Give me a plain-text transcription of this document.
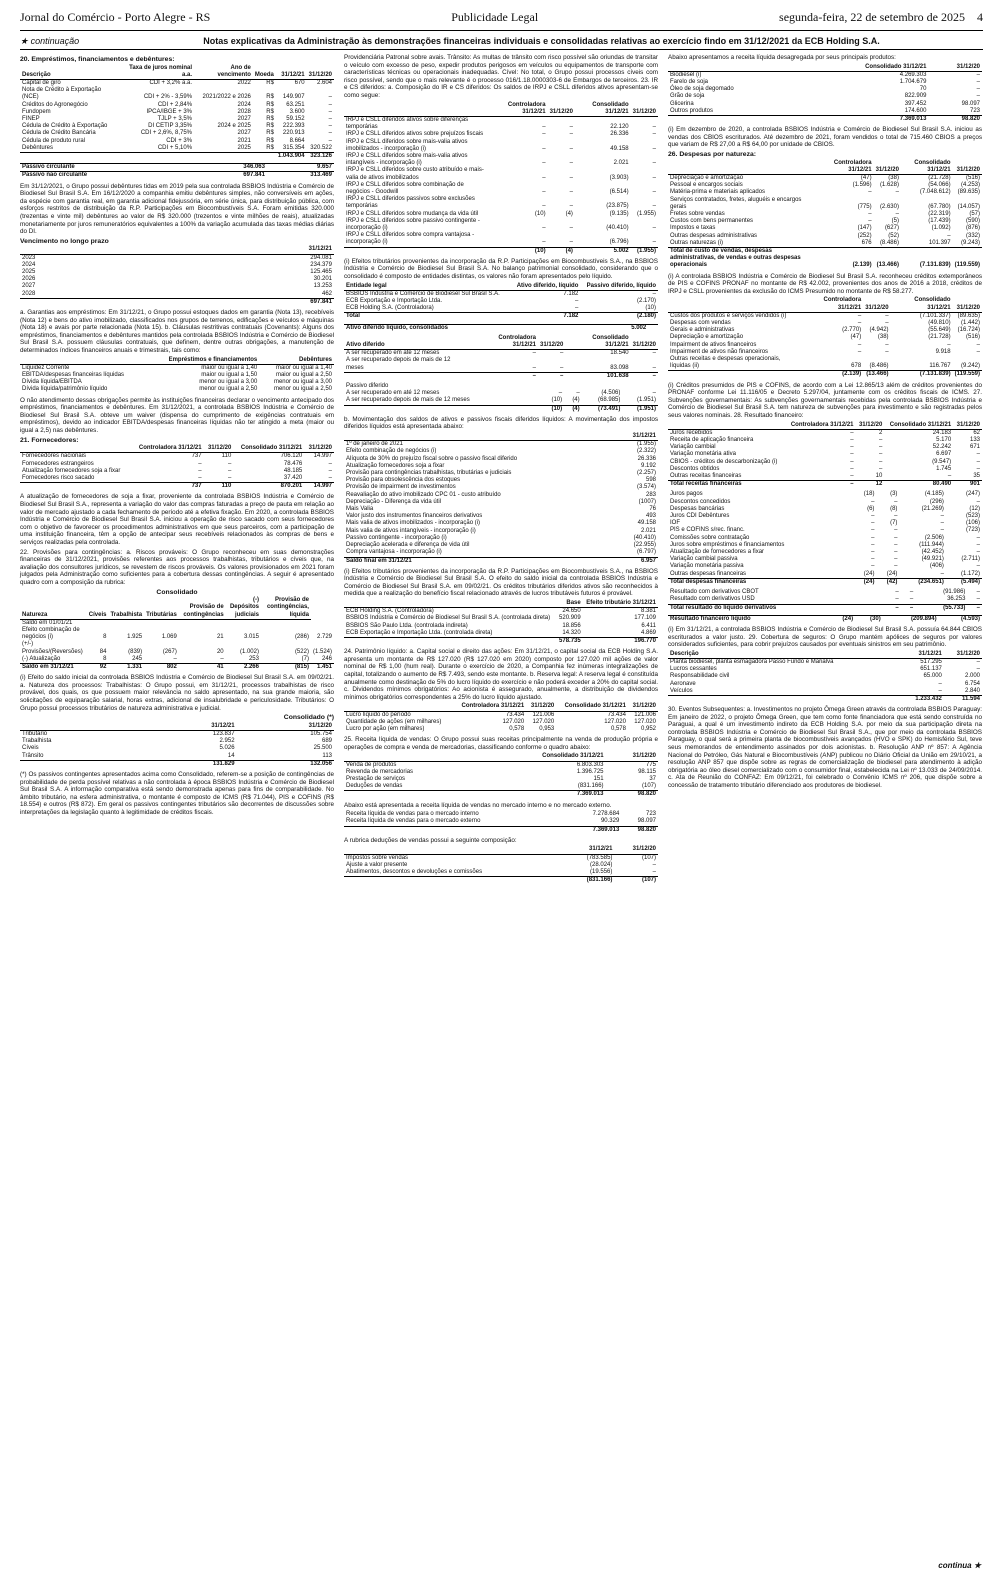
Jornal do Comércio - Porto Alegre - RS	Publicidade Legal	segunda-feira, 22 de setembro de 2025 4
★ continuação	Notas explicativas da Administração às demonstrações financeiras individuais e consolidadas relativas ao exercício findo em 31/12/2021 da ECB Holding S.A.
20. Empréstimos, financiamentos e debêntures:
Descrição	Taxa de juros nominal a.a.	Ano de vencimento	Moeda	31/12/21	31/12/20
Capital de giro	CDI + 3,2% a.a.	2022	R$	670	2.604
Nota de Crédito à Exportação (NCE)	CDI + 2% - 3,59%	2021/2022 e 2026	R$	149.907	–
Créditos do Agronegócio	CDI + 2,84%	2024	R$	63.251	–
Fundopem	IPCA/IBGE + 3%	2028	R$	3.600	–
FINEP	TJLP + 3,5%	2027	R$	59.152	–
Cédula de Crédito à Exportação	DI CETIP 3,35%	2024 e 2025	R$	222.393	–
Cédula de Crédito Bancária	CDI + 2,6%, 8,75%	2027	R$	220.913	–
Cédula de produto rural	CDI + 3%	2021	R$	8.664	–
Debêntures	CDI + 5,10%	2025	R$	315.354	320.522
				1.043.904	323.126
Passivo circulante	346.063	9.657
Passivo não circulante	697.841	313.469

Em 31/12/2021, o Grupo possui debêntures tidas em 2019 pela sua controlada BSBIOS Indústria e Comércio de Biodiesel Sul Brasil S.A. Em 16/12/2020 a companhia emitiu debêntures simples, não conversíveis em ações, da espécie com garantia real, em garantia adicional fidejussória, em série única, para distribuição pública, com esforços restritos de distribuição da R.P. Participações em Biocombustíveis S.A. Foram emitidas 320.000 (trezentas e vinte mil) debêntures ao valor de R$ 320.000 (trezentos e vinte milhões de reais), atualizadas monetariamente por juros remuneratórios equivalentes a 100% da variação acumulada das taxas médias diárias do DI.

Vencimento no longo prazo
	31/12/21
2023	294.081
2024	234.379
2025	125.465
2026	30.201
2027	13.253
2028	462
	697.841

a. Garantias aos empréstimos: Em 31/12/21, o Grupo possui estoques dados em garantia (Nota 13), recebíveis (Nota 12) e bens do ativo imobilizado, classificados nos grupos de terrenos, edificações e veículos e máquinas (Nota 18) e avais por parte relacionada (Nota 15). b. Cláusulas restritivas contratuais (Covenants): Alguns dos empréstimos, financiamentos e debêntures mantidos pela controlada BSBIOS Indústria e Comércio de Biodiesel Sul Brasil S.A. possuem cláusulas contratuais, que definem, dentre outras obrigações, a manutenção de determinados índices financeiros anuais e trimestrais, tais como:

	Empréstimos e financiamentos	Debêntures
Liquidez Corrente	maior ou igual a 1,40	maior ou igual a 1,40
EBITDA/despesas financeiras líquidas	maior ou igual a 1,50	maior ou igual a 2,50
Dívida líquida/EBITDA	menor ou igual a 3,00	menor ou igual a 3,00
Dívida líquida/patrimônio líquido	menor ou igual a 2,50	menor ou igual a 2,50

O não atendimento dessas obrigações permite às instituições financeiras declarar o vencimento antecipado dos empréstimos, financiamentos e debêntures. Em 31/12/2021, a controlada BSBIOS Indústria e Comércio de Biodiesel Sul Brasil S.A. obteve um waiver (dispensa do cumprimento de exigências contratuais em empréstimos), devido ao indicador EBITDA/despesas financeiras líquidas não ter atingido a meta (maior ou igual a 2,5) nas debêntures.

21. Fornecedores:
	Controladora 31/12/21	31/12/20	Consolidado 31/12/21	31/12/20
Fornecedores nacionais	737	110	706.120	14.997
Fornecedores estrangeiros	–	–	78.476	–
Atualização fornecedores soja a fixar	–	–	48.185	–
Fornecedores risco sacado	–	–	37.420	–
	737	110	870.201	14.997

A atualização de fornecedores de soja a fixar, proveniente da controlada BSBIOS Indústria e Comércio de Biodiesel Sul Brasil S.A., representa a variação do valor das compras faturadas a preço de pauta em relação ao valor de mercado ajustado a cada fechamento de período até a efetiva fixação. Em 2020, a controlada BSBIOS Indústria e Comércio de Biodiesel Sul Brasil S.A. iniciou a operação de risco sacado com seus fornecedores com o objetivo de favorecer os procedimentos administrativos em que seus parceiros, com a participação de uma instituição financeira, têm a opção de antecipar seus recebíveis relacionados às compras de bens e serviços realizadas pela controlada.

22. Provisões para contingências: a. Riscos prováveis: O Grupo reconheceu em suas demonstrações financeiras de 31/12/2021, provisões referentes aos processos trabalhistas, tributários e cíveis que, na avaliação dos consultores jurídicos, se revestem de riscos prováveis. Os valores provisionados em 2021 foram julgados pela Administração como suficientes para a cobertura dessas contingências. A seguir é apresentado quadro com a composição da rubrica:

Consolidado
Natureza	Cíveis	Trabalhista	Tributárias	Provisão de contingências	(-) Depósitos judiciais	Provisão de contingências, líquida	
Saldo em 01/01/21							
Efeito combinação de negócios (i)	8	1.925	1.069	21	3.015	(286)	2.729
(+/-) Provisões/(Reversões)	84	(839)	(267)	20	(1.002)	(522)	(1.524)
(-) Atualização	8	245	–	–	253	(7)	246
Saldo em 31/12/21	92	1.331	802	41	2.266	(815)	1.451

(i) Efeito do saldo inicial da controlada BSBIOS Indústria e Comércio de Biodiesel Sul Brasil S.A. em 09/02/21. a. Natureza dos processos: Trabalhistas: O Grupo possui, em 31/12/21, processos trabalhistas de risco provável, dos quais, os que possuem maior relevância no saldo apresentado, na sua grande maioria, são solicitações de equiparação salarial, horas extras, adicional de insalubridade e periculosidade. Tributários: O Grupo possui processos tributários de natureza administrativa e judicial.

Consolidado (*)
	31/12/21	31/12/20
Tributário	123.837	105.754
Trabalhista	2.952	689
Cíveis	5.026	25.500
Trânsito	14	113
	131.829	132.056

(*) Os passivos contingentes apresentados acima como Consolidado, referem-se a posição de contingências de probabilidade de perda possível relativas a não controlada à época BSBIOS Indústria e Comércio de Biodiesel Sul Brasil S.A. A informação comparativa está sendo demonstrada apenas para fins de comparabilidade. No âmbito tributário, na esfera administrativa, o montante é composto de ICMS (R$ 71.044), PIS e COFINS (R$ 18.554) e outros (R$ 872). Em geral os passivos contingentes tributários são decorrentes de discussões sobre interpretações da legislação quanto à legitimidade de créditos fiscais.

Providenciária Patronal sobre avais. Trânsito: As multas de trânsito com risco possível são oriundas de transitar o veículo com excesso de peso, expedir produtos perigosos em veículos ou equipamentos de transporte com características técnicas ou operacionais inadequadas. Cível: No total, o Grupo possui processos cíveis com risco possível, sendo que o mais relevante é o processo 016/1.18.0000303-6 de Embargos de terceiros. 23. IR e CS diferidos: a. Composição do IR e CS diferidos: Os saldos de IRPJ e CSLL diferidos ativos apresentam-se como segue:

	Controladora 31/12/21	31/12/20	Consolidado 31/12/21	31/12/20
IRPJ e CSLL diferidos ativos sobre diferenças temporárias	–	–	22.120	–
IRPJ e CSLL diferidos ativos sobre prejuízos fiscais	–	–	26.336	–
IRPJ e CSLL diferidos sobre mais-valia ativos imobilizados - incorporação (i)	–	–	49.158	–
IRPJ e CSLL diferidos sobre mais-valia ativos intangíveis - incorporação (i)	–	–	2.021	–
IRPJ e CSLL diferidos sobre custo atribuído e mais-valia de ativos imobilizados	–	–	(3.903)	–
IRPJ e CSLL diferidos sobre combinação de negócios - Goodwill	–	–	(6.514)	–
IRPJ e CSLL diferidos passivos sobre exclusões temporárias	–	–	(23.875)	–
IRPJ e CSLL diferidos sobre mudança da vida útil	(10)	(4)	(9.135)	(1.955)
IRPJ e CSLL diferidos sobre passivo contingente - incorporação (i)	–	–	(40.410)	–
IRPJ e CSLL diferidos sobre compra vantajosa - incorporação (i)	–	–	(6.796)	–
	(10)	(4)	5.002	(1.955)

(i) Efeitos tributários provenientes da incorporação da R.P. Participações em Biocombustíveis S.A., na BSBIOS Indústria e Comércio de Biodiesel Sul Brasil S.A. No balanço patrimonial consolidado, considerando que o consolidado é composto de entidades distintas, os valores não foram apresentados pelo líquido.

Entidade legal	Ativo diferido, líquido	Passivo diferido, líquido
BSBIOS Indústria e Comércio de Biodiesel Sul Brasil S.A.	7.182	–
ECB Exportação e Importação Ltda.	–	(2.170)
ECB Holding S.A. (Controladora)	–	(10)
Total	7.182	(2.180)
Ativo diferido líquido, consolidados	5.002	
Ativo diferido	Controladora 31/12/21	31/12/20	Consolidado 31/12/21	31/12/20
A ser recuperado em até 12 meses	–	–	18.540	–
A ser recuperado depois de mais de 12 meses	–	–	83.098	–
	–	–	101.638	–
Passivo diferido				
A ser recuperado em até 12 meses	–	–	(4.506)	–
A ser recuperado depois de mais de 12 meses	(10)	(4)	(68.985)	(1.951)
	(10)	(4)	(73.491)	(1.951)

b. Movimentação dos saldos de ativos e passivos fiscais diferidos líquidos: A movimentação dos impostos diferidos líquidos está apresentada abaixo:

	31/12/21
1º de janeiro de 2021	(1.955)
Efeito combinação de negócios (i)	(2.322)
Alíquota de 30% do prejuízo fiscal sobre o passivo fiscal diferido	26.336
Atualização fornecedores soja a fixar	9.192
Provisão para contingências trabalhistas, tributárias e judiciais	(2.257)
Provisão para obsolescência dos estoques	598
Provisão de impairment de investimentos	(3.574)
Reavaliação do ativo imobilizado CPC 01 - custo atribuído	283
Depreciação - Diferença da vida útil	(1007)
Mais Valia	76
Valor justo dos instrumentos financeiros derivativos	493
Mais valia de ativos imobilizados - incorporação (i)	49.158
Mais valia de ativos intangíveis - incorporação (i)	2.021
Passivo contingente - incorporação (i)	(40.410)
Depreciação acelerada e diferença de vida útil	(22.955)
Compra vantajosa - incorporação (i)	(6.797)
Saldo final em 31/12/21	6.957

(i) Efeitos tributários provenientes da incorporação da R.P. Participações em Biocombustíveis S.A., na BSBIOS Indústria e Comércio de Biodiesel Sul Brasil S.A. O efeito do saldo inicial da controlada BSBIOS Indústria e Comércio de Biodiesel Sul Brasil S.A. em 09/02/21. Os créditos tributários diferidos ativos são reconhecidos à medida que a realização do benefício fiscal relacionado através de lucros tributáveis futuros é provável.

	Base	Efeito tributário 31/12/21
ECB Holding S.A. (Controladora)	24.650	8.381
BSBIOS Indústria e Comércio de Biodiesel Sul Brasil S.A. (controlada direta)	520.909	177.109
BSBIOS São Paulo Ltda. (controlada indireta)	18.856	6.411
ECB Exportação e Importação Ltda. (controlada direta)	14.320	4.869
	578.735	196.770

24. Patrimônio líquido: a. Capital social e direito das ações: Em 31/12/21, o capital social da ECB Holding S.A. apresenta um montante de R$ 127.020 (R$ 127.020 em 2020) composto por 127.020 mil ações de valor nominal de R$ 1,00 (hum real). Durante o exercício de 2020, a Companhia fez inúmeras integralizações de capital, totalizando o aumento de R$ 7.493, sendo este montante. b. Reserva legal: A reserva legal é constituída anualmente como destinação de 5% do lucro líquido do exercício e não poderá exceder a 20% do capital social. c. Dividendos mínimos obrigatórios: Ao acionista é assegurado, anualmente, a distribuição de dividendos mínimos obrigatórios correspondentes a 25% do lucro líquido ajustado.

	Controladora 31/12/21	31/12/20	Consolidado 31/12/21	31/12/20
Lucro líquido do período	73.434	121.006	73.434	121.006
Quantidade de ações (em milhares)	127.020	127.020	127.020	127.020
Lucro por ação (em milhares)	0,578	0,953	0,578	0,952

25. Receita líquida de vendas: O Grupo possui suas receitas principalmente na venda de produção própria e operações de compra e venda de mercadorias, classificando conforme o quadro abaixo:

	Consolidado 31/12/21	31/12/20
Venda de produtos	6.803.303	775
Revenda de mercadorias	1.396.725	98.115
Prestação de serviços	151	37
Deduções de vendas	(831.166)	(107)
	7.369.013	98.820

Abaixo está apresentada a receita líquida de vendas no mercado interno e no mercado externo.

Receita líquida de vendas para o mercado interno	7.278.684	723
Receita líquida de vendas para o mercado externo	90.329	98.097
	7.369.013	98.820

A rubrica deduções de vendas possui a seguinte composição:

	31/12/21	31/12/20
Impostos sobre vendas	(783.585)	(107)
Ajuste a valor presente	(28.024)	–
Abatimentos, descontos e devoluções e comissões	(19.556)	–
	(831.166)	(107)

Abaixo apresentamos a receita líquida desagregada por seus principais produtos:

	Consolidado 31/12/21	31/12/20
Biodiesel (i)	4.269.303	–
Farelo de soja	1.704.679	–
Óleo de soja degomado	70	–
Grão de soja	822.909	–
Glicerina	397.452	98.097
Outros produtos	174.600	723
	7.369.013	98.820

(i) Em dezembro de 2020, a controlada BSBIOS Indústria e Comércio de Biodiesel Sul Brasil S.A. iniciou as vendas dos CBIOS escriturados. Até dezembro de 2021, foram vendidos o total de 715.460 CBIOS a preços que variam de R$ 27,00 a R$ 64,00 por unidade de CBIOS.

26. Despesas por natureza:
	Controladora 31/12/21	31/12/20	Consolidado 31/12/21	31/12/20
Depreciação e amortização	(47)	(38)	(21.728)	(516)
Pessoal e encargos sociais	(1.596)	(1.628)	(54.066)	(4.253)
Matéria-prima e materiais aplicados	–	–	(7.048.612)	(89.635)
Serviços contratados, fretes, aluguéis e encargos gerais	(775)	(2.630)	(67.780)	(14.057)
Fretes sobre vendas	–	–	(22.319)	(57)
Custos com bens permanentes	–	(5)	(17.439)	(590)
Impostos e taxas	(147)	(627)	(1.092)	(876)
Outras despesas administrativas	(252)	(52)	–	(332)
Outras naturezas (i)	676	(8.486)	101.397	(9.243)
Total de custo de vendas, despesas administrativas, de vendas e outras despesas operacionais	(2.139)	(13.466)	(7.131.839)	(119.559)

(i) A controlada BSBIOS Indústria e Comércio de Biodiesel Sul Brasil S.A. reconheceu créditos extemporâneos de PIS e COFINS PRONAF no montante de R$ 42.002, provenientes dos anos de 2016 a 2018, créditos de IRPJ e CSLL provenientes da exclusão do ICMS Presumido no montante de R$ 58.277.

	Controladora 31/12/21	31/12/20	Consolidado 31/12/21	31/12/20
Custos dos produtos e serviços vendidos (i)	–	–	(7.101.337)	(89.635)
Despesas com vendas	–	–	(49.810)	(1.442)
Gerais e administrativas	(2.770)	(4.942)	(55.649)	(16.724)
Depreciação e amortização	(47)	(38)	(21.728)	(516)
Impairment de ativos financeiros	–	–	–	–
Impairment de ativos não financeiros	–	–	9.918	–
Outras receitas e despesas operacionais, líquidas (ii)	678	(8.486)	116.767	(9.242)
	(2.139)	(13.466)	(7.131.839)	(119.559)

(i) Créditos presumidos de PIS e COFINS, de acordo com a Lei 12.865/13 além de créditos provenientes do PRONAF conforme Lei 11.116/05 e Decreto 5.297/04, juntamente com os créditos fiscais de ICMS. 27. Subvenções governamentais: As subvenções governamentais recebidas pela controlada BSBIOS Indústria e Comércio de Biodiesel Sul Brasil S.A. tem natureza de subvenções para investimento e são registradas pelos seus valores nominais. 28. Resultado financeiro:

	Controladora 31/12/21	31/12/20	Consolidado 31/12/21	31/12/20
Juros recebidos	–	2	24.183	62
Receita de aplicação financeira	–	–	5.170	133
Variação cambial	–	–	52.242	671
Variação monetária ativa	–	–	6.697	–
CBIOS - créditos de descarbonização (i)	–	–	(9.547)	–
Descontos obtidos	–	–	1.745	–
Outras receitas financeiras	–	10	–	35
Total receitas financeiras	–	12	80.490	901
Juros pagos	(18)	(3)	(4.185)	(247)
Descontos concedidos	–	–	(296)	–
Despesas bancárias	(6)	(8)	(21.269)	(12)
Juros CDI Debêntures	–	–	–	(523)
IOF	–	(7)	–	(106)
PIS e COFINS s/rec. financ.	–	–	–	(723)
Comissões sobre contratação	–	–	(2.506)	–
Juros sobre empréstimos e financiamentos	–	–	(111.944)	–
Atualização de fornecedores a fixar	–	–	(42.452)	–
Variação cambial passiva	–	–	(49.921)	(2.711)
Variação monetária passiva	–	–	(406)	–
Outras despesas financeiras	(24)	(24)	–	(1.172)
Total despesas financeiras	(24)	(42)	(234.651)	(5.494)
Resultado com derivativos CBOT	–	–	(91.986)	–
Resultado com derivativos USD	–	–	36.253	–
Total resultado do líquido derivativos	–	–	(55.733)	–
Resultado financeiro líquido	(24)	(30)	(209.894)	(4.593)

(i) Em 31/12/21, a controlada BSBIOS Indústria e Comércio de Biodiesel Sul Brasil S.A. possuía 64.844 CBIOS escriturados a valor justo. 29. Cobertura de seguros: O Grupo mantém apólices de seguros por valores considerados suficientes, para cobrir prejuízos causados por eventuais sinistros em seu patrimônio.

Descrição	31/12/21	31/12/20
Planta biodiesel, planta esmagadora Passo Fundo e Marialva	517.295	–
Lucros cessantes	651.137	–
Responsabilidade civil	65.000	2.000
Aeronave	–	6.754
Veículos	–	2.840
	1.233.432	11.594

30. Eventos Subsequentes: a. Investimentos no projeto Ômega Green através da controlada BSBIOS Paraguay: Em janeiro de 2022, o projeto Ômega Green, que tem como fonte financiadora que está sendo construída no Paraguai, a qual é um investimento indireto da ECB Holding S.A. por meio da sua participação direta na controlada BSBIOS Indústria e Comércio de Biodiesel Sul Brasil S.A., que por meio da controlada BSBIOS Paraguay, o qual será a primeira planta de biocombustíveis avançados (HVO e SPK) do Hemisfério Sul, teve seus memorandos de entendimento assinados por dois acionistas. b. Resolução ANP nº 857: A Agência Nacional do Petróleo, Gás Natural e Biocombustíveis (ANP) publicou no Diário Oficial da União em 29/10/21, a resolução ANP 857 que dispõe sobre as regras de comercialização de biodiesel para atendimento à adição obrigatória ao óleo diesel comercializado com o consumidor final, estabelecida na Lei nº 13.033 de 24/09/2014. c. Ata de Reunião do CONFAZ: Em 09/12/21, foi celebrado o Convênio ICMS nº 206, que dispõe sobre a concessão de tratamento tributário diferenciado aos produtores de biodiesel.

continua ★
